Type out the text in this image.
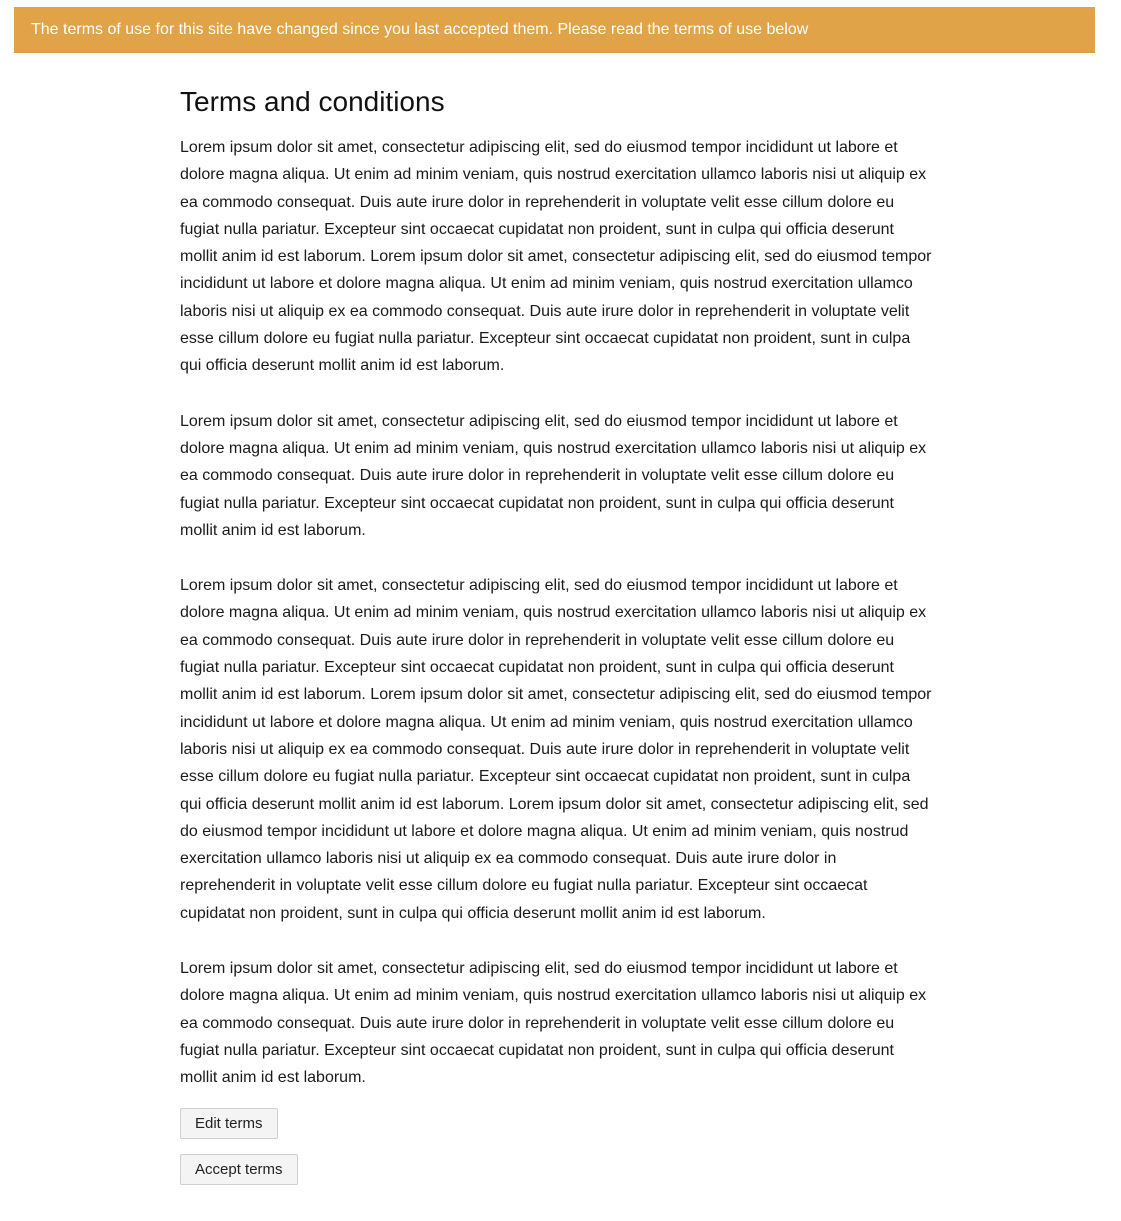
The terms of use for this site have changed since you last accepted them. Please read the terms of use below
Terms and conditions

Lorem ipsum dolor sit amet, consectetur adipiscing elit, sed do eiusmod tempor incididunt ut labore et dolore magna aliqua. Ut enim ad minim veniam, quis nostrud exercitation ullamco laboris nisi ut aliquip ex ea commodo consequat. Duis aute irure dolor in reprehenderit in voluptate velit esse cillum dolore eu fugiat nulla pariatur. Excepteur sint occaecat cupidatat non proident, sunt in culpa qui officia deserunt mollit anim id est laborum. Lorem ipsum dolor sit amet, consectetur adipiscing elit, sed do eiusmod tempor incididunt ut labore et dolore magna aliqua. Ut enim ad minim veniam, quis nostrud exercitation ullamco laboris nisi ut aliquip ex ea commodo consequat. Duis aute irure dolor in reprehenderit in voluptate velit esse cillum dolore eu fugiat nulla pariatur. Excepteur sint occaecat cupidatat non proident, sunt in culpa qui officia deserunt mollit anim id est laborum.

Lorem ipsum dolor sit amet, consectetur adipiscing elit, sed do eiusmod tempor incididunt ut labore et dolore magna aliqua. Ut enim ad minim veniam, quis nostrud exercitation ullamco laboris nisi ut aliquip ex ea commodo consequat. Duis aute irure dolor in reprehenderit in voluptate velit esse cillum dolore eu fugiat nulla pariatur. Excepteur sint occaecat cupidatat non proident, sunt in culpa qui officia deserunt mollit anim id est laborum.

Lorem ipsum dolor sit amet, consectetur adipiscing elit, sed do eiusmod tempor incididunt ut labore et dolore magna aliqua. Ut enim ad minim veniam, quis nostrud exercitation ullamco laboris nisi ut aliquip ex ea commodo consequat. Duis aute irure dolor in reprehenderit in voluptate velit esse cillum dolore eu fugiat nulla pariatur. Excepteur sint occaecat cupidatat non proident, sunt in culpa qui officia deserunt mollit anim id est laborum. Lorem ipsum dolor sit amet, consectetur adipiscing elit, sed do eiusmod tempor incididunt ut labore et dolore magna aliqua. Ut enim ad minim veniam, quis nostrud exercitation ullamco laboris nisi ut aliquip ex ea commodo consequat. Duis aute irure dolor in reprehenderit in voluptate velit esse cillum dolore eu fugiat nulla pariatur. Excepteur sint occaecat cupidatat non proident, sunt in culpa qui officia deserunt mollit anim id est laborum. Lorem ipsum dolor sit amet, consectetur adipiscing elit, sed do eiusmod tempor incididunt ut labore et dolore magna aliqua. Ut enim ad minim veniam, quis nostrud exercitation ullamco laboris nisi ut aliquip ex ea commodo consequat. Duis aute irure dolor in reprehenderit in voluptate velit esse cillum dolore eu fugiat nulla pariatur. Excepteur sint occaecat cupidatat non proident, sunt in culpa qui officia deserunt mollit anim id est laborum.

Lorem ipsum dolor sit amet, consectetur adipiscing elit, sed do eiusmod tempor incididunt ut labore et dolore magna aliqua. Ut enim ad minim veniam, quis nostrud exercitation ullamco laboris nisi ut aliquip ex ea commodo consequat. Duis aute irure dolor in reprehenderit in voluptate velit esse cillum dolore eu fugiat nulla pariatur. Excepteur sint occaecat cupidatat non proident, sunt in culpa qui officia deserunt mollit anim id est laborum.

Edit terms
Accept terms
